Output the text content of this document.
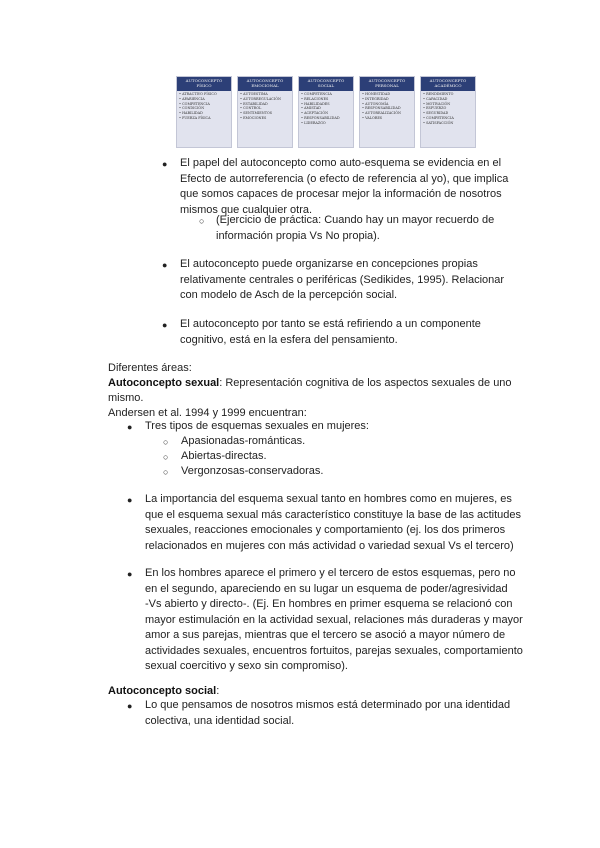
AUTOCONCEPTO FÍSICO
• ATRACTIVO FÍSICO
• APARIENCIA
• COMPETENCIA
• CONDICIÓN
• HABILIDAD
• FUERZA FÍSICA
AUTOCONCEPTO EMOCIONAL
• AUTOESTIMA
• AUTORREGULACIÓN
• ESTABILIDAD
• CONTROL
• SENTIMIENTOS
• EMOCIONES
AUTOCONCEPTO SOCIAL
• COMPETENCIA
• RELACIONES
• HABILIDADES
• AMISTAD
• ACEPTACIÓN
• RESPONSABILIDAD
• LIDERAZGO
AUTOCONCEPTO PERSONAL
• HONESTIDAD
• INTEGRIDAD
• AUTONOMÍA
• RESPONSABILIDAD
• AUTOREALIZACIÓN
• VALORES
AUTOCONCEPTO ACADÉMICO
• RENDIMIENTO
• CAPACIDAD
• MOTIVACIÓN
• ESFUERZO
• SEGURIDAD
• COMPETENCIA
• SATISFACCIÓN
● El papel del autoconcepto como auto-esquema se evidencia en el

Efecto de autorreferencia (o efecto de referencia al yo), que implica

que somos capaces de procesar mejor la información de nosotros

mismos que cualquier otra.

○ (Ejercicio de práctica: Cuando hay un mayor recuerdo de

información propia Vs No propia).

● El autoconcepto puede organizarse en concepciones propias

relativamente centrales o periféricas (Sedikides, 1995). Relacionar

con modelo de Asch de la percepción social.

● El autoconcepto por tanto se está refiriendo a un componente

cognitivo, está en la esfera del pensamiento.

Diferentes áreas:

Autoconcepto sexual: Representación cognitiva de los aspectos sexuales de uno

mismo.

Andersen et al. 1994 y 1999 encuentran:

● Tres tipos de esquemas sexuales en mujeres:

○ Apasionadas-románticas.

○ Abiertas-directas.

○ Vergonzosas-conservadoras.

● La importancia del esquema sexual tanto en hombres como en mujeres, es

que el esquema sexual más característico constituye la base de las actitudes

sexuales, reacciones emocionales y comportamiento (ej. los dos primeros

relacionados en mujeres con más actividad o variedad sexual Vs el tercero)

● En los hombres aparece el primero y el tercero de estos esquemas, pero no

en el segundo, apareciendo en su lugar un esquema de poder/agresividad

-Vs abierto y directo-. (Ej. En hombres en primer esquema se relacionó con

mayor estimulación en la actividad sexual, relaciones más duraderas y mayor

amor a sus parejas, mientras que el tercero se asoció a mayor número de

actividades sexuales, encuentros fortuitos, parejas sexuales, comportamiento

sexual coercitivo y sexo sin compromiso).

Autoconcepto social:

● Lo que pensamos de nosotros mismos está determinado por una identidad

colectiva, una identidad social.
